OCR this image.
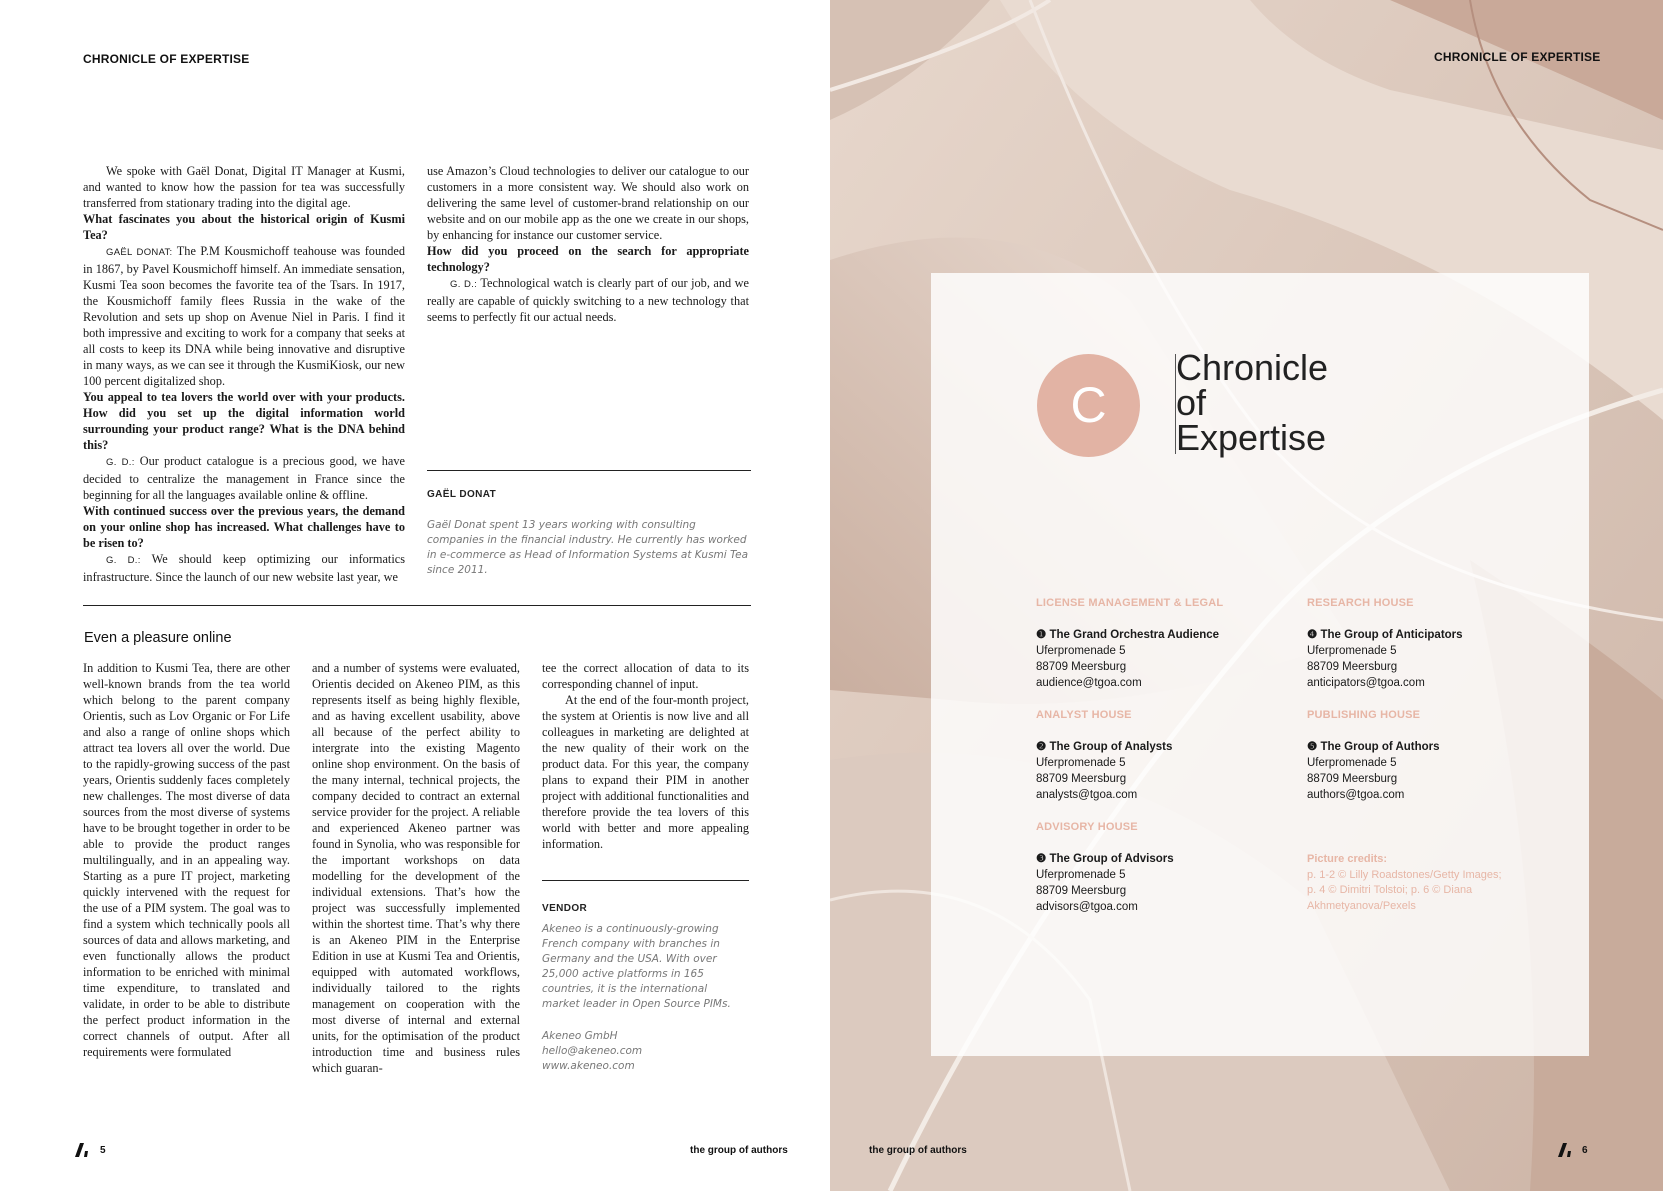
CHRONICLE OF EXPERTISE

We spoke with Gaël Donat, Digital IT Manager at Kusmi, and wanted to know how the passion for tea was successfully transferred from stationary trading into the digital age.

What fascinates you about the historical origin of Kusmi Tea?

GAËL DONAT: The P.M Kousmichoff teahouse was founded in 1867, by Pavel Kousmichoff himself. An immediate sensation, Kusmi Tea soon becomes the favorite tea of the Tsars. In 1917, the Kousmichoff family flees Russia in the wake of the Revolution and sets up shop on Avenue Niel in Paris. I find it both impressive and exciting to work for a company that seeks at all costs to keep its DNA while being innovative and disruptive in many ways, as we can see it through the KusmiKiosk, our new 100 percent digitalized shop.

You appeal to tea lovers the world over with your products. How did you set up the digital information world surrounding your product range? What is the DNA behind this?

G. D.: Our product catalogue is a precious good, we have decided to centralize the management in France since the beginning for all the languages available online & offline.

With continued success over the previous years, the demand on your online shop has increased. What challenges have to be risen to?

G. D.: We should keep optimizing our informatics infrastructure. Since the launch of our new website last year, we

use Amazon’s Cloud technologies to deliver our catalogue to our customers in a more consistent way. We should also work on delivering the same level of customer-brand relationship on our website and on our mobile app as the one we create in our shops, by enhancing for instance our customer service.

How did you proceed on the search for appropriate technology?

G. D.: Technological watch is clearly part of our job, and we really are capable of quickly switching to a new technology that seems to perfectly fit our actual needs.

GAËL DONAT
Gaël Donat spent 13 years working with consulting companies in the financial industry. He currently has worked in e-commerce as Head of Information Systems at Kusmi Tea since 2011.
Even a pleasure online

In addition to Kusmi Tea, there are other well-known brands from the tea world which belong to the parent company Orientis, such as Lov Organic or For Life and also a range of online shops which attract tea lovers all over the world. Due to the rapidly-growing success of the past years, Orientis suddenly faces completely new challenges. The most diverse of data sources from the most diverse of systems have to be brought together in order to be able to provide the product ranges multilingually, and in an appealing way. Starting as a pure IT project, marketing quickly intervened with the request for the use of a PIM system. The goal was to find a system which technically pools all sources of data and allows marketing, and even functionally allows the product information to be enriched with minimal time expenditure, to translated and validate, in order to be able to distribute the perfect product information in the correct channels of output. After all requirements were formulated

and a number of systems were evaluated, Orientis decided on Akeneo PIM, as this represents itself as being highly flexible, and as having excellent usability, above all because of the perfect ability to intergrate into the existing Magento online shop environment. On the basis of the many internal, technical projects, the company decided to contract an external service provider for the project. A reliable and experienced Akeneo partner was found in Synolia, who was responsible for the important workshops on data modelling for the development of the individual extensions. That’s how the project was successfully implemented within the shortest time. That’s why there is an Akeneo PIM in the Enterprise Edition in use at Kusmi Tea and Orientis, equipped with automated workflows, individually tailored to the rights management on cooperation with the most diverse of internal and external units, for the optimisation of the product introduction time and business rules which guaran-

tee the correct allocation of data to its corresponding channel of input.

At the end of the four-month project, the system at Orientis is now live and all colleagues in marketing are delighted at the new quality of their work on the product data. For this year, the company plans to expand their PIM in another project with additional functionalities and therefore provide the tea lovers of this world with better and more appealing information.

VENDOR
Akeneo is a continuously-growing French company with branches in Germany and the USA. With over 25,000 active platforms in 165 countries, it is the international market leader in Open Source PIMs.
Akeneo GmbH
hello@akeneo.com
www.akeneo.com
5	the group of authors
CHRONICLE OF EXPERTISE
6
the group of authors
C
Chronicle
of
Expertise
LICENSE MANAGEMENT & LEGAL
❶ The Grand Orchestra Audience
Uferpromenade 5
88709 Meersburg
audience@tgoa.com
ANALYST HOUSE
❷ The Group of Analysts
Uferpromenade 5
88709 Meersburg
analysts@tgoa.com
ADVISORY HOUSE
❸ The Group of Advisors
Uferpromenade 5
88709 Meersburg
advisors@tgoa.com
RESEARCH HOUSE
❹ The Group of Anticipators
Uferpromenade 5
88709 Meersburg
anticipators@tgoa.com
PUBLISHING HOUSE
❺ The Group of Authors
Uferpromenade 5
88709 Meersburg
authors@tgoa.com
Picture credits:
p. 1-2 © Lilly Roadstones/Getty Images;
p. 4 © Dimitri Tolstoi; p. 6 © Diana
Akhmetyanova/Pexels
